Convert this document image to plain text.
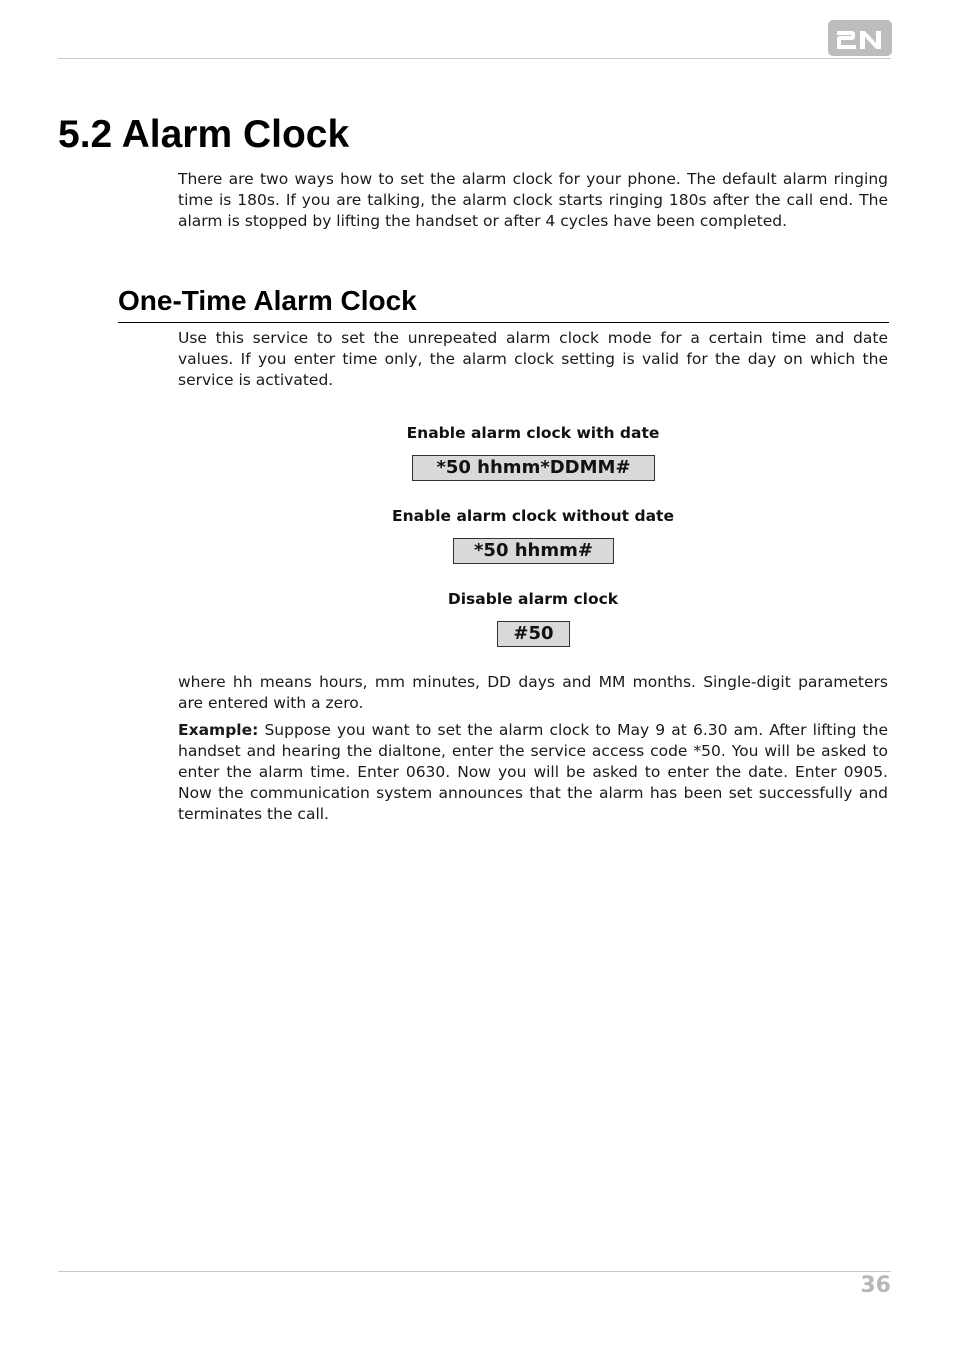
5.2 Alarm Clock

There are two ways how to set the alarm clock for your phone. The default alarm ringing time is 180s. If you are talking, the alarm clock starts ringing 180s after the call end. The alarm is stopped by lifting the handset or after 4 cycles have been completed.

One-Time Alarm Clock

Use this service to set the unrepeated alarm clock mode for a certain time and date values. If you enter time only, the alarm clock setting is valid for the day on which the service is activated.

Enable alarm clock with date
*50 hhmm*DDMM#
Enable alarm clock without date
*50 hhmm#
Disable alarm clock
#50

where hh means hours, mm minutes, DD days and MM months. Single-digit parameters are entered with a zero.

Example: Suppose you want to set the alarm clock to May 9 at 6.30 am. After lifting the handset and hearing the dialtone, enter the service access code *50. You will be asked to enter the alarm time. Enter 0630. Now you will be asked to enter the date. Enter 0905. Now the communication system announces that the alarm has been set successfully and terminates the call.

36
